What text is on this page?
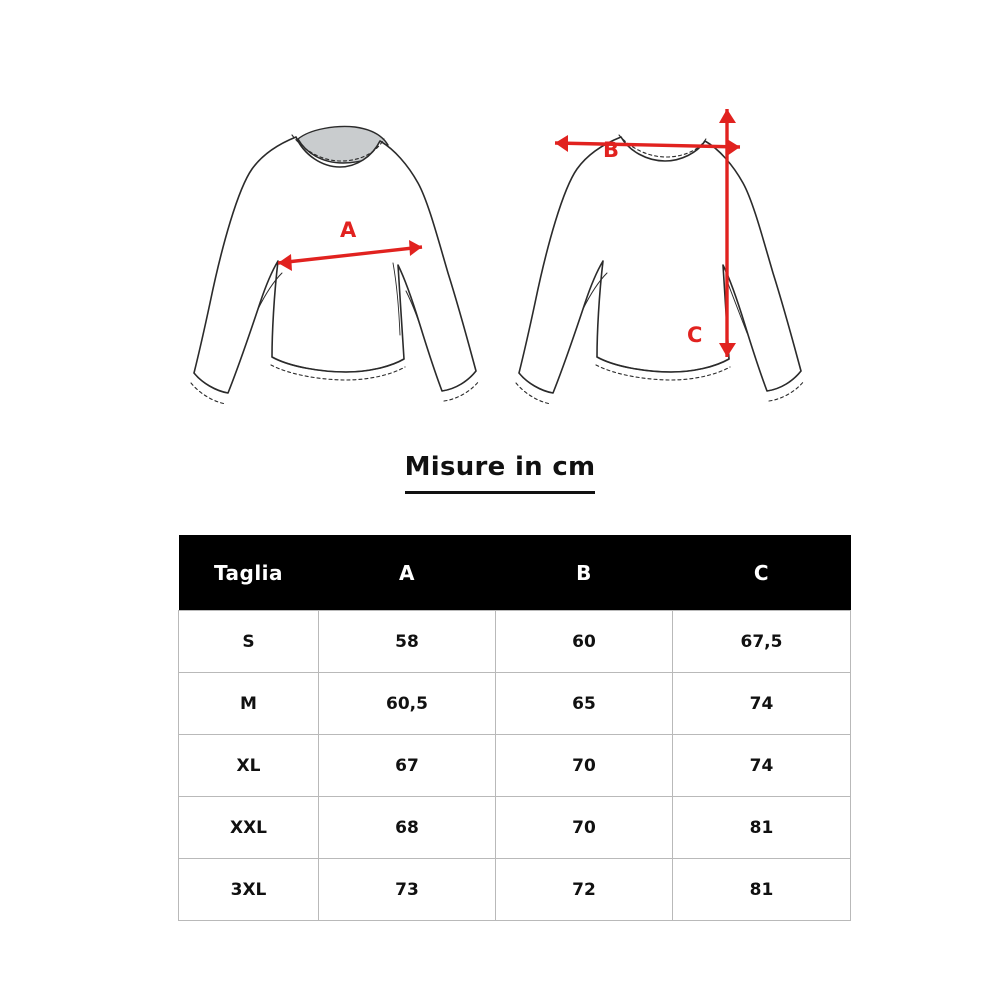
A
B
C
Misure in cm
Taglia	A	B	C
S	58	60	67,5
M	60,5	65	74
XL	67	70	74
XXL	68	70	81
3XL	73	72	81
